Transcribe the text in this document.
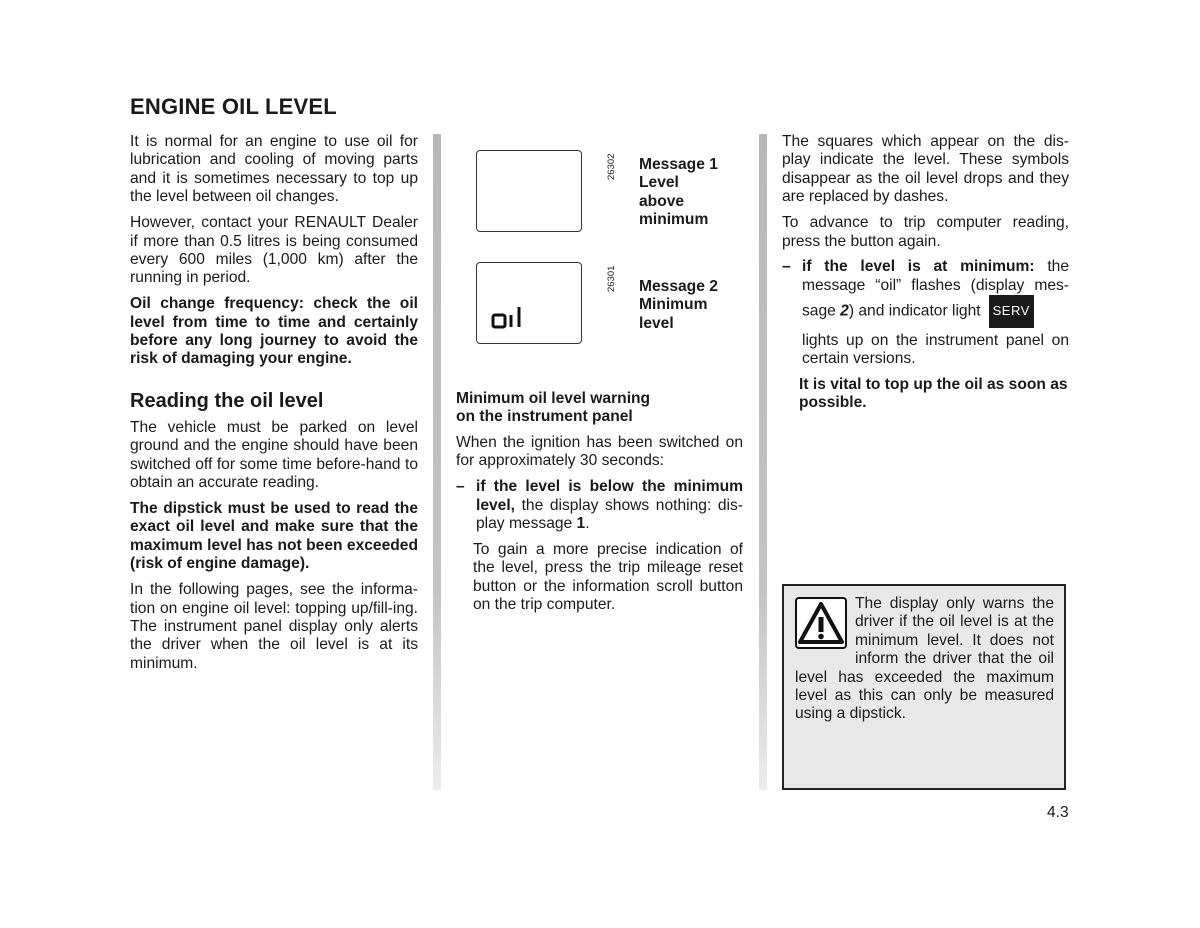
ENGINE OIL LEVEL

It is normal for an engine to use oil for lubrication and cooling of moving parts and it is sometimes necessary to top up the level between oil changes.

However, contact your RENAULT Dealer if more than 0.5 litres is being consumed every 600 miles (1,000 km) after the running in period.

Oil change frequency: check the oil level from time to time and certainly before any long journey to avoid the risk of damaging your engine.

Reading the oil level

The vehicle must be parked on level ground and the engine should have been switched off for some time before-hand to obtain an accurate reading.

The dipstick must be used to read the exact oil level and make sure that the maximum level has not been exceeded (risk of engine damage).

In the following pages, see the informa-tion on engine oil level: topping up/fill-ing. The instrument panel display only alerts the driver when the oil level is at its minimum.

26302 Message 1
Level
above
minimum
26301 Message 2
Minimum
level
Minimum oil level warning
on the instrument panel

When the ignition has been switched on for approximately 30 seconds:

– if the level is below the minimum level, the display shows nothing: dis-play message 1.

To gain a more precise indication of the level, press the trip mileage reset button or the information scroll button on the trip computer.

The squares which appear on the dis-play indicate the level. These symbols disappear as the oil level drops and they are replaced by dashes.

To advance to trip computer reading, press the button again.

– if the level is at minimum: the message “oil” flashes (display mes-sage 2) and indicator light SERV

lights up on the instrument panel on certain versions.

It is vital to top up the oil as soon as possible.

The display only warns the driver if the oil level is at the minimum level. It does not inform the driver that the oil level has exceeded the maximum level as this can only be measured using a dipstick.

4.3
